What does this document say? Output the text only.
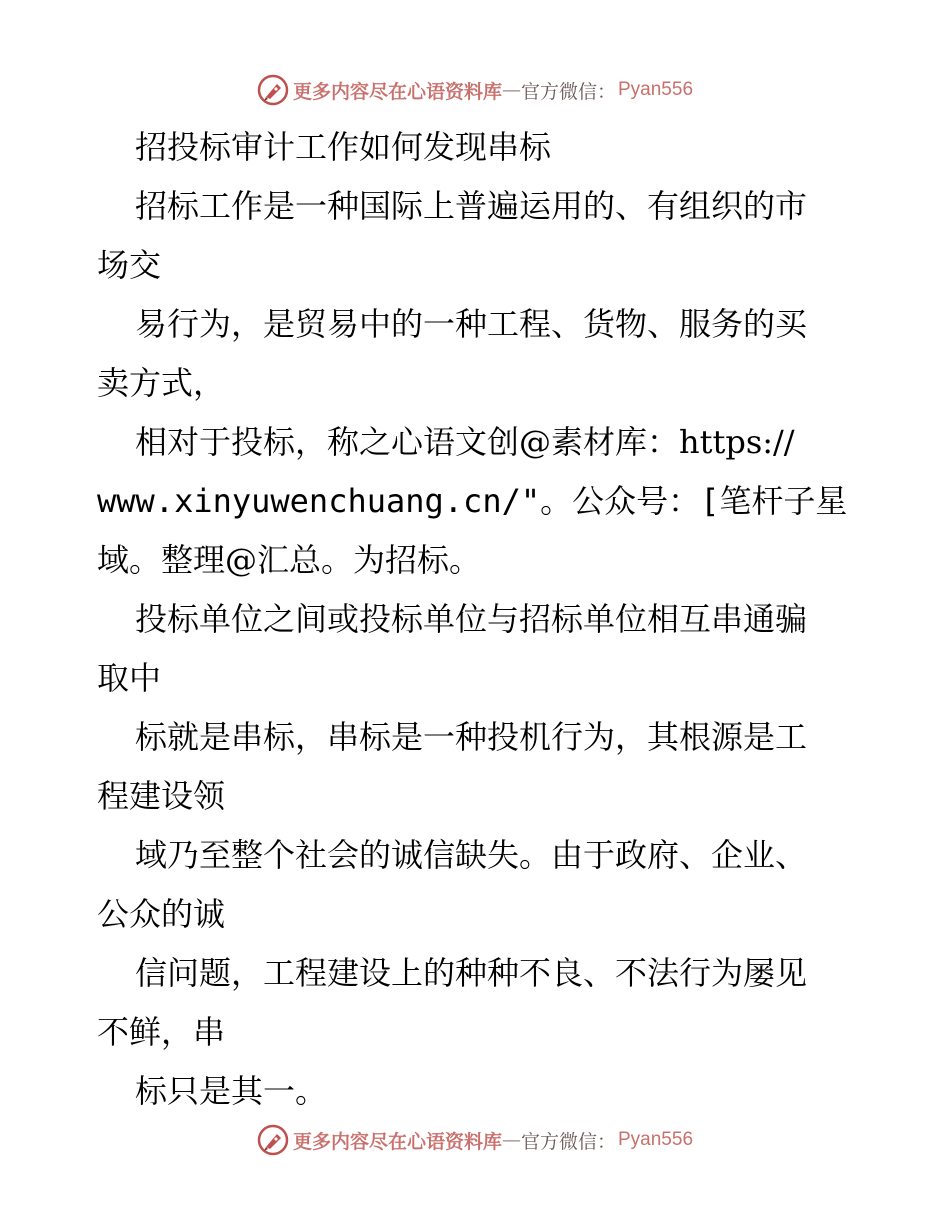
更多内容尽在心语资料库 — 官方微信： Pyan556
招投标审计工作如何发现串标
招标工作是一种国际上普遍运用的、有组织的市
场交
易行为，是贸易中的一种工程、货物、服务的买
卖方式，
相对于投标，称之心语文创@素材库：https://
www.xinyuwenchuang.cn/"。公众号：[笔杆子星
域。整理@汇总。为招标。
投标单位之间或投标单位与招标单位相互串通骗
取中
标就是串标，串标是一种投机行为，其根源是工
程建设领
域乃至整个社会的诚信缺失。由于政府、企业、
公众的诚
信问题，工程建设上的种种不良、不法行为屡见
不鲜，串
标只是其一。
更多内容尽在心语资料库 — 官方微信： Pyan556
